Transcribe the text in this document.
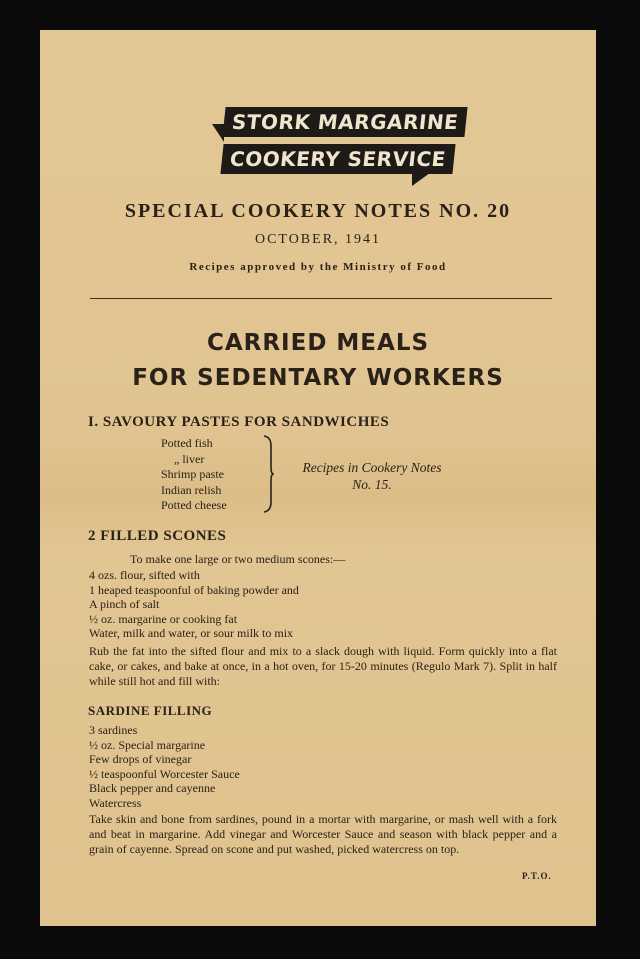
STORK MARGARINE
COOKERY SERVICE
SPECIAL COOKERY NOTES NO. 20
OCTOBER, 1941
Recipes approved by the Ministry of Food
CARRIED MEALS
FOR SEDENTARY WORKERS
I. SAVOURY PASTES FOR SANDWICHES
Potted fish
„ liver
Shrimp paste
Indian relish
Potted cheese
Recipes in Cookery Notes
No. 15.
2 FILLED SCONES
To make one large or two medium scones:—
4 ozs. flour, sifted with
1 heaped teaspoonful of baking powder and
A pinch of salt
½ oz. margarine or cooking fat
Water, milk and water, or sour milk to mix
Rub the fat into the sifted flour and mix to a slack dough with liquid. Form quickly into a flat cake, or cakes, and bake at once, in a hot oven, for 15-20 minutes (Regulo Mark 7). Split in half while still hot and fill with:
SARDINE FILLING
3 sardines
½ oz. Special margarine
Few drops of vinegar
½ teaspoonful Worcester Sauce
Black pepper and cayenne
Watercress
Take skin and bone from sardines, pound in a mortar with margarine, or mash well with a fork and beat in margarine. Add vinegar and Worcester Sauce and season with black pepper and a grain of cayenne. Spread on scone and put washed, picked watercress on top.
P.T.O.
